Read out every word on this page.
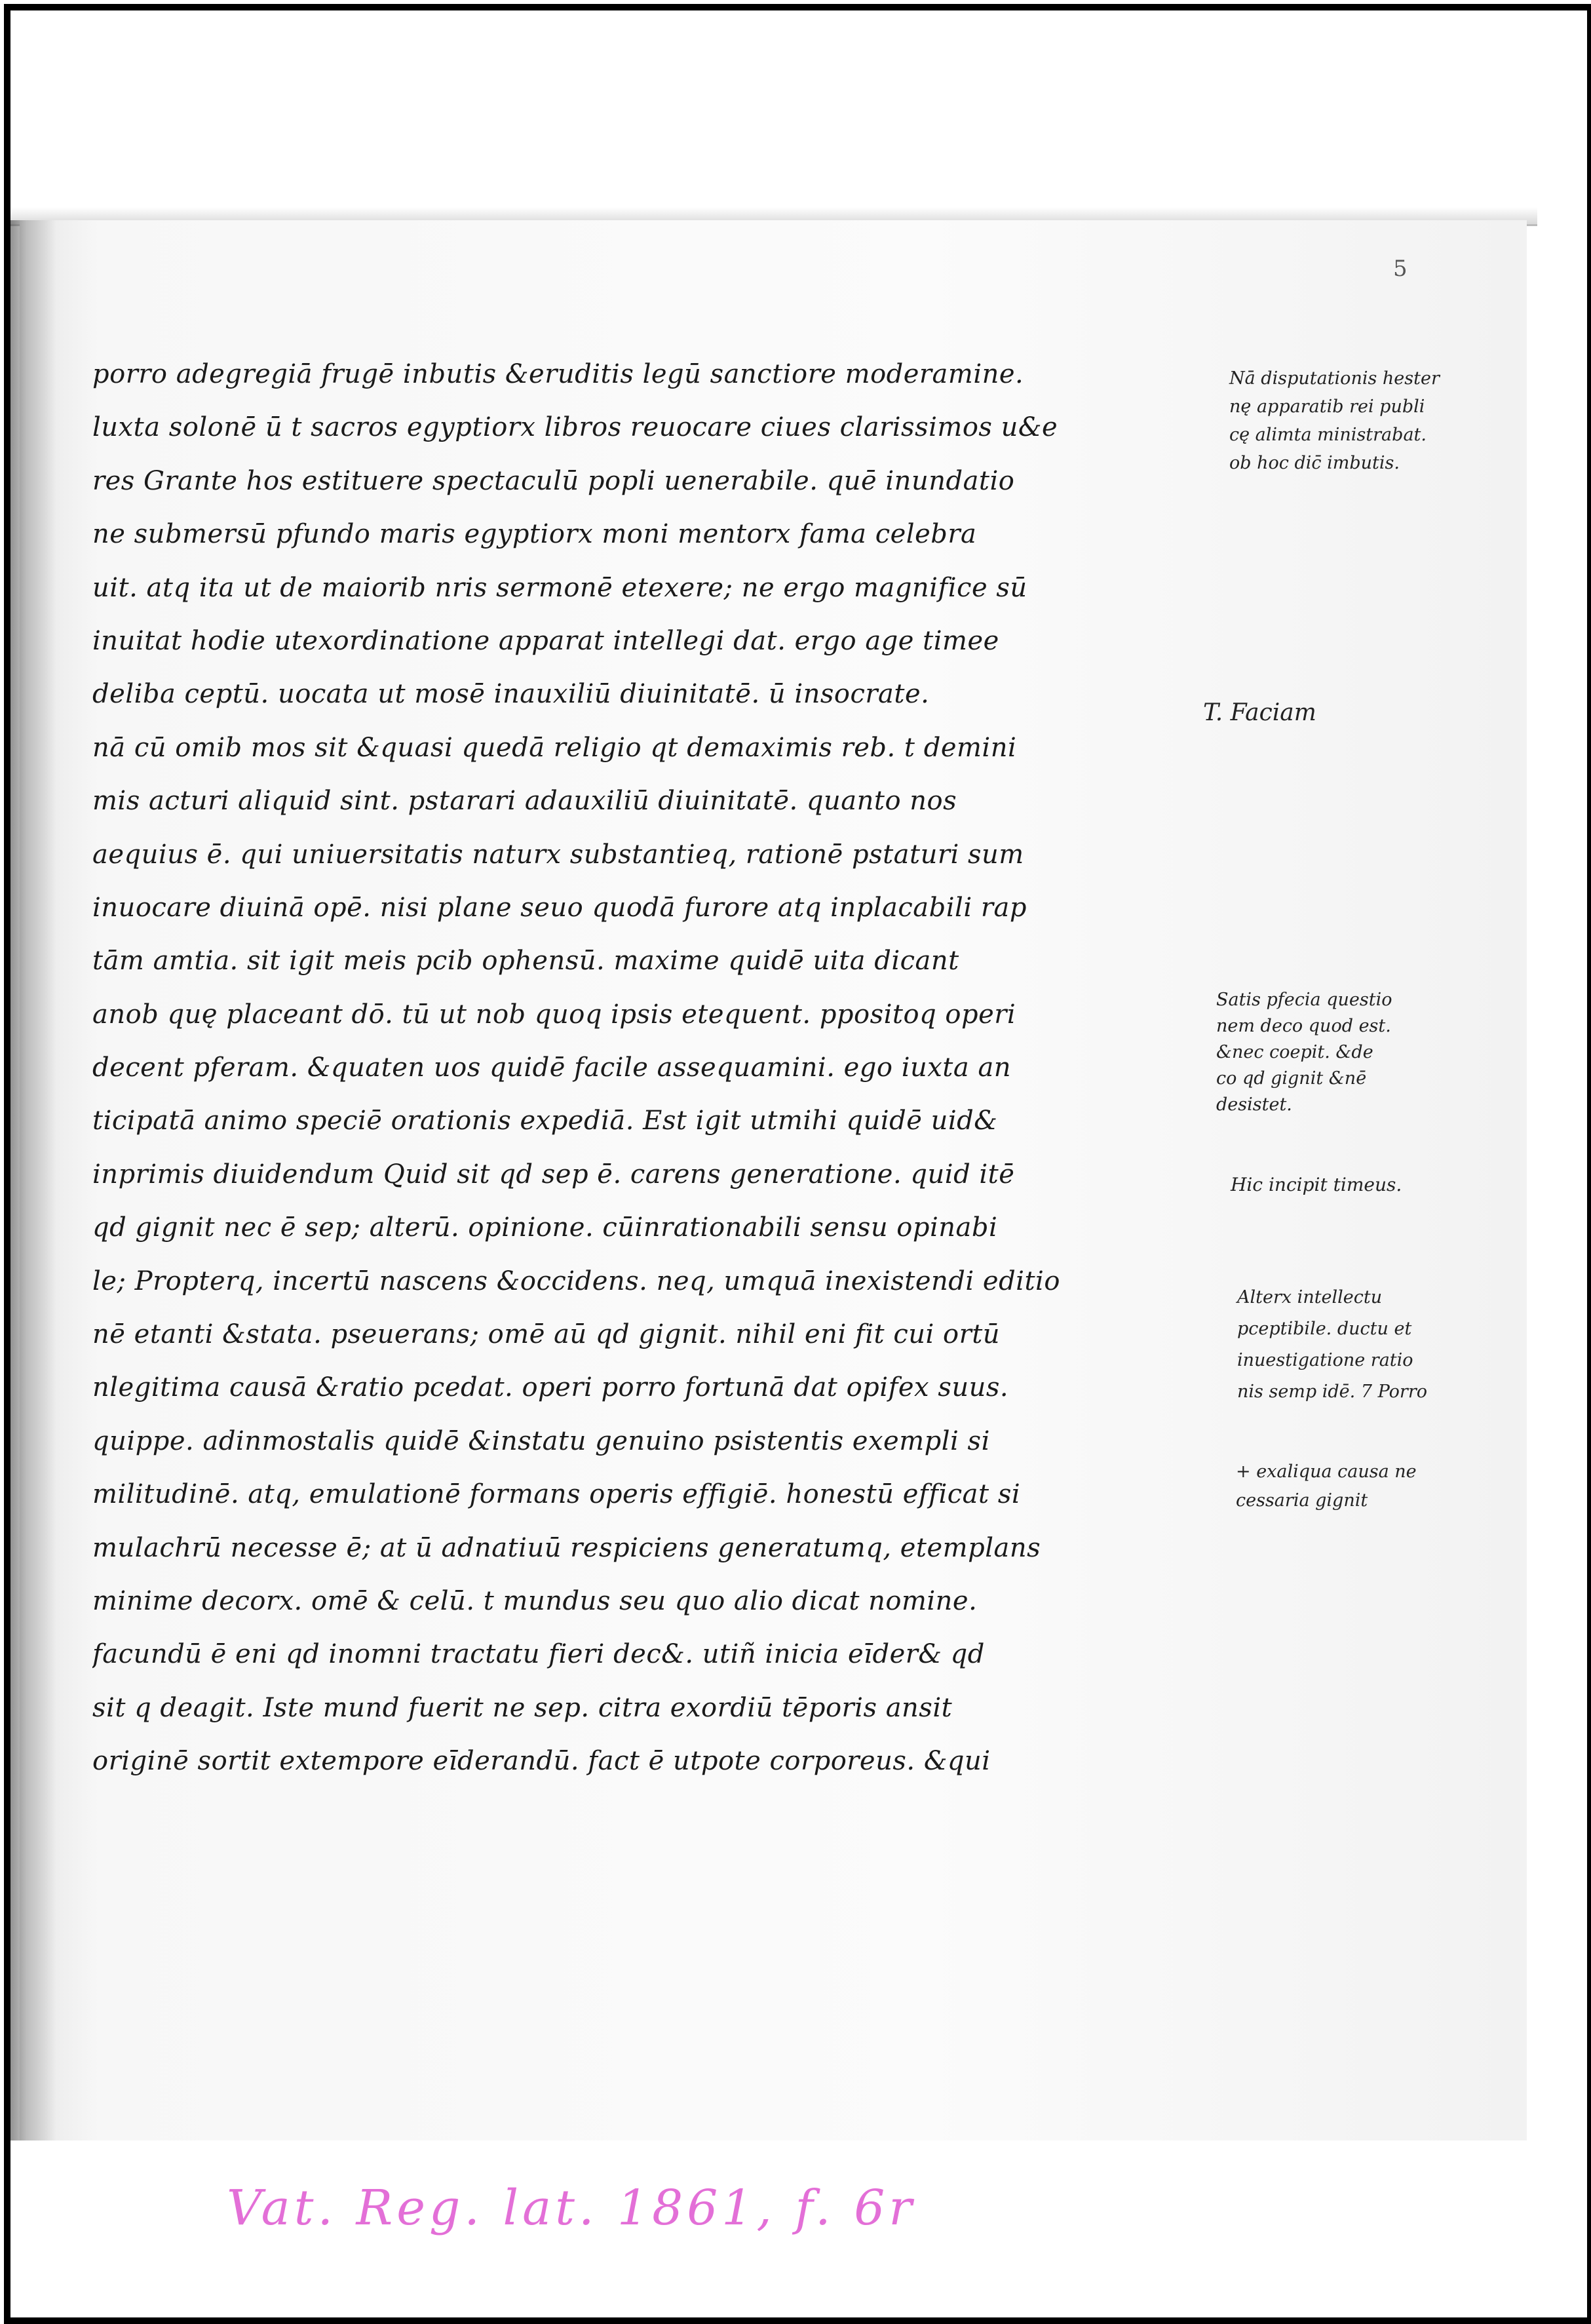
5
porro adegregiā frugē inbutis &eruditis legū sanctiore moderamine.
luxta solonē ū t sacros egyptiorx libros reuocare ciues clarissimos u&e
res Grante hos estituere spectaculū popli uenerabile. quē inundatio
ne submersū pfundo maris egyptiorx moni mentorx fama celebra
uit. atq ita ut de maiorib nris sermonē etexere; ne ergo magnifice sū
inuitat hodie utexordinatione apparat intellegi dat. ergo age timee
deliba ceptū. uocata ut mosē inauxiliū diuinitatē. ū insocrate.
nā cū omib mos sit &quasi quedā religio qt demaximis reb. t demini
mis acturi aliquid sint. pstarari adauxiliū diuinitatē. quanto nos
aequius ē. qui uniuersitatis naturx substantieq, rationē pstaturi sum
inuocare diuinā opē. nisi plane seuo quodā furore atq inplacabili rap
tām amtia. sit igit meis pcib ophensū. maxime quidē uita dicant
anob quę placeant dō. tū ut nob quoq ipsis etequent. ppositoq operi
decent pferam. &quaten uos quidē facile assequamini. ego iuxta an
ticipatā animo speciē orationis expediā. Est igit utmihi quidē uid&
inprimis diuidendum Quid sit qd sep ē. carens generatione. quid itē
qd gignit nec ē sep; alterū. opinione. cūinrationabili sensu opinabi
le; Propterq, incertū nascens &occidens. neq, umquā inexistendi editio
nē etanti &stata. pseuerans; omē aū qd gignit. nihil eni fit cui ortū
nlegitima causā &ratio pcedat. operi porro fortunā dat opifex suus.
quippe. adinmostalis quidē &instatu genuino psistentis exempli si
militudinē. atq, emulationē formans operis effigiē. honestū efficat si
mulachrū necesse ē; at ū adnatiuū respiciens generatumq, etemplans
minime decorx. omē & celū. t mundus seu quo alio dicat nomine.
facundū ē eni qd inomni tractatu fieri dec&. utiñ inicia eīder& qd
sit q deagit. Iste mund fuerit ne sep. citra exordiū tēporis ansit
originē sortit extempore eīderandū. fact ē utpote corporeus. &qui
Nā disputationis hester
nę apparatib rei publi
cę alimta ministrabat.
ob hoc dic̄ imbutis.
T. Faciam
Satis pfecia questio
nem deco quod est.
&nec coepit. &de
co qd gignit &nē
desistet.
Hic incipit timeus.
Alterx intellectu
pceptibile. ductu et
inuestigatione ratio
nis semp idē. 7 Porro
+ exaliqua causa ne
cessaria gignit
Vat. Reg. lat. 1861, f. 6r
